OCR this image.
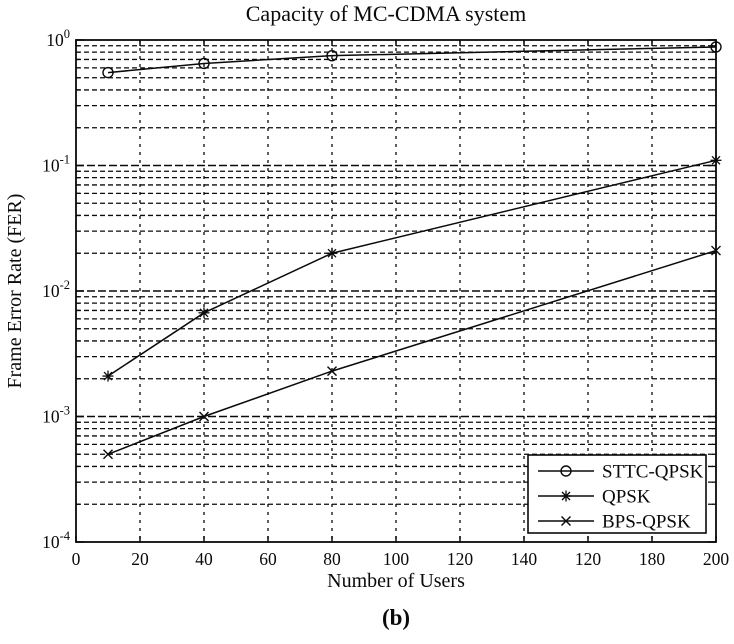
Capacity of MC-CDMA system
Frame Error Rate (FER)
0	20	40	60	80 100 120 140 120 180 200
$10^0$
$10^{-1}$
$10^{-2}$
$10^{-3}$
$10^{-4}$
STTC-QPSK
QPSK
BPS-QPSK
Number of Users
(b)
